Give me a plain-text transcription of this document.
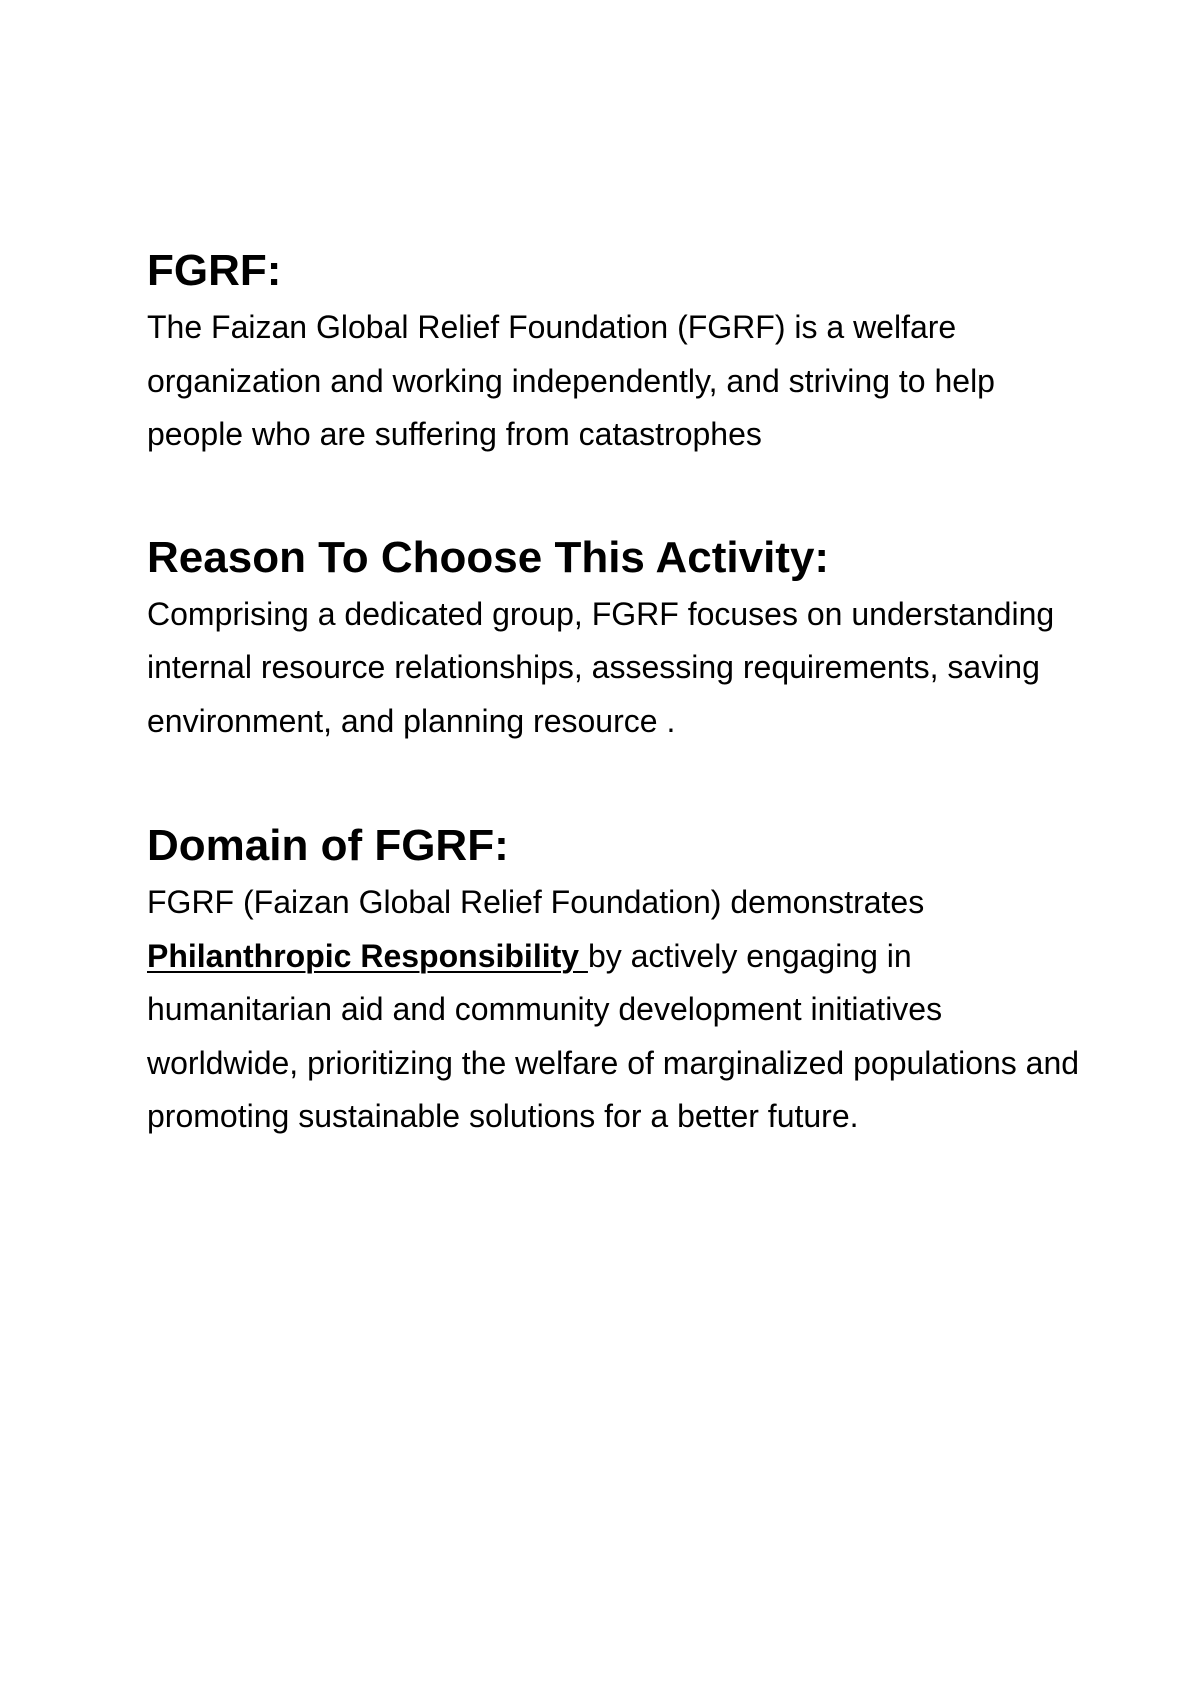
FGRF:

The Faizan Global Relief Foundation (FGRF) is a welfare organization and working independently, and striving to help people who are suffering from catastrophes

Reason To Choose This Activity:

Comprising a dedicated group, FGRF focuses on understanding internal resource relationships, assessing requirements, saving environment, and planning resource .

Domain of FGRF:

FGRF (Faizan Global Relief Foundation) demonstrates Philanthropic Responsibility by actively engaging in humanitarian aid and community development initiatives worldwide, prioritizing the welfare of marginalized populations and promoting sustainable solutions for a better future.
